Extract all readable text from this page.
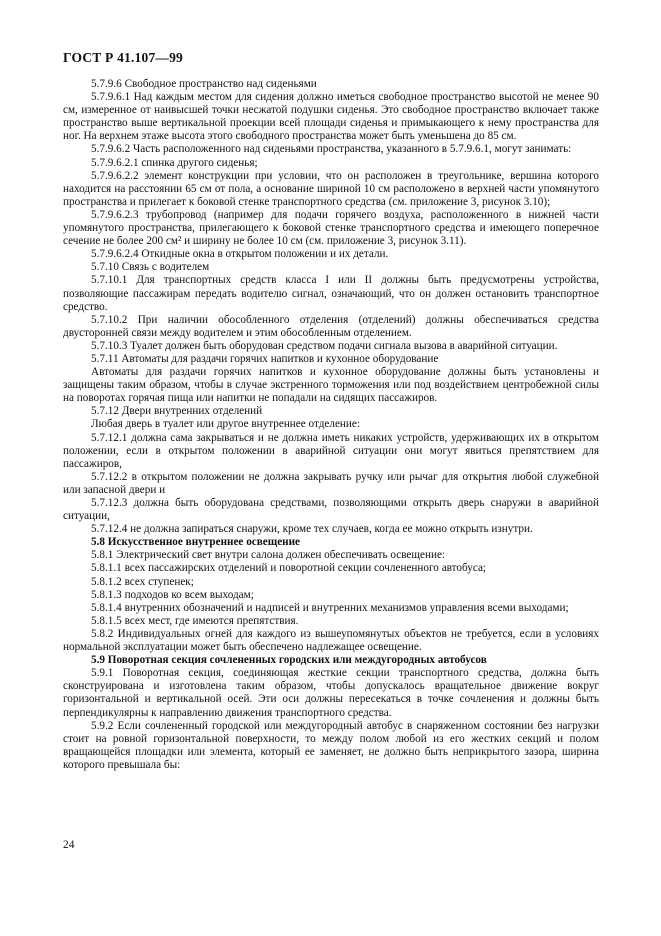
ГОСТ Р 41.107—99

5.7.9.6 Свободное пространство над сиденьями

5.7.9.6.1 Над каждым местом для сидения должно иметься свободное пространство высотой не менее 90 см, измеренное от наивысшей точки несжатой подушки сиденья. Это свободное пространство включает также пространство выше вертикальной проекции всей площади сиденья и примыкающего к нему пространства для ног. На верхнем этаже высота этого свободного пространства может быть уменьшена до 85 см.

5.7.9.6.2 Часть расположенного над сиденьями пространства, указанного в 5.7.9.6.1, могут занимать:

5.7.9.6.2.1 спинка другого сиденья;

5.7.9.6.2.2 элемент конструкции при условии, что он расположен в треугольнике, вершина которого находится на расстоянии 65 см от пола, а основание шириной 10 см расположено в верхней части упомянутого пространства и прилегает к боковой стенке транспортного средства (см. приложение 3, рисунок 3.10);

5.7.9.6.2.3 трубопровод (например для подачи горячего воздуха, расположенного в нижней части упомянутого пространства, прилегающего к боковой стенке транспортного средства и имеющего поперечное сечение не более 200 см² и ширину не более 10 см (см. приложение 3, рисунок 3.11).

5.7.9.6.2.4 Откидные окна в открытом положении и их детали.

5.7.10 Связь с водителем

5.7.10.1 Для транспортных средств класса I или II должны быть предусмотрены устройства, позволяющие пассажирам передать водителю сигнал, означающий, что он должен остановить транспортное средство.

5.7.10.2 При наличии обособленного отделения (отделений) должны обеспечиваться средства двусторонней связи между водителем и этим обособленным отделением.

5.7.10.3 Туалет должен быть оборудован средством подачи сигнала вызова в аварийной ситуации.

5.7.11 Автоматы для раздачи горячих напитков и кухонное оборудование

Автоматы для раздачи горячих напитков и кухонное оборудование должны быть установлены и защищены таким образом, чтобы в случае экстренного торможения или под воздействием центробежной силы на поворотах горячая пища или напитки не попадали на сидящих пассажиров.

5.7.12 Двери внутренних отделений

Любая дверь в туалет или другое внутреннее отделение:

5.7.12.1 должна сама закрываться и не должна иметь никаких устройств, удерживающих их в открытом положении, если в открытом положении в аварийной ситуации они могут явиться препятствием для пассажиров,

5.7.12.2 в открытом положении не должна закрывать ручку или рычаг для открытия любой служебной или запасной двери и

5.7.12.3 должна быть оборудована средствами, позволяющими открыть дверь снаружи в аварийной ситуации,

5.7.12.4 не должна запираться снаружи, кроме тех случаев, когда ее можно открыть изнутри.

5.8 Искусственное внутреннее освещение

5.8.1 Электрический свет внутри салона должен обеспечивать освещение:

5.8.1.1 всех пассажирских отделений и поворотной секции сочлененного автобуса;

5.8.1.2 всех ступенек;

5.8.1.3 подходов ко всем выходам;

5.8.1.4 внутренних обозначений и надписей и внутренних механизмов управления всеми выходами;

5.8.1.5 всех мест, где имеются препятствия.

5.8.2 Индивидуальных огней для каждого из вышеупомянутых объектов не требуется, если в условиях нормальной эксплуатации может быть обеспечено надлежащее освещение.

5.9 Поворотная секция сочлененных городских или междугородных автобусов

5.9.1 Поворотная секция, соединяющая жесткие секции транспортного средства, должна быть сконструирована и изготовлена таким образом, чтобы допускалось вращательное движение вокруг горизонтальной и вертикальной осей. Эти оси должны пересекаться в точке сочленения и должны быть перпендикулярны к направлению движения транспортного средства.

5.9.2 Если сочлененный городской или междугородный автобус в снаряженном состоянии без нагрузки стоит на ровной горизонтальной поверхности, то между полом любой из его жестких секций и полом вращающейся площадки или элемента, который ее заменяет, не должно быть неприкрытого зазора, ширина которого превышала бы:

24
